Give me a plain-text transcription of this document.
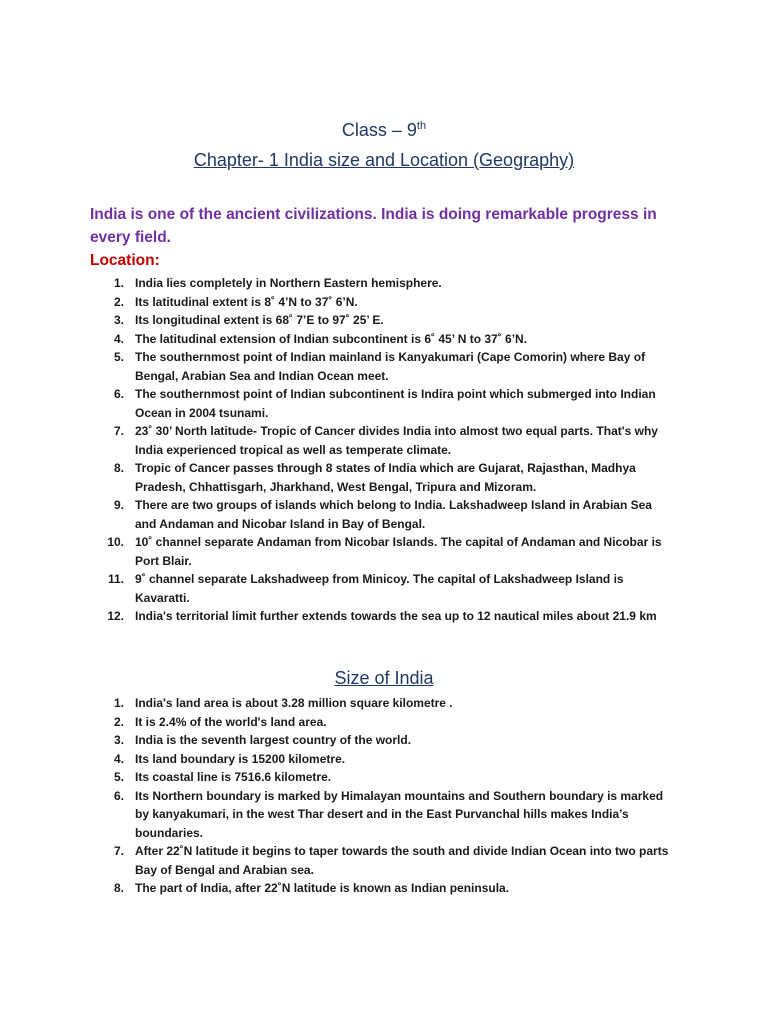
Class – 9th
Chapter- 1 India size and Location (Geography)
India is one of the ancient civilizations. India is doing remarkable progress in every field.
Location:
1. India lies completely in Northern Eastern hemisphere.
2. Its latitudinal extent is 8˚ 4’N to 37˚ 6’N.
3. Its longitudinal extent is 68˚ 7’E to 97˚ 25’ E.
4. The latitudinal extension of Indian subcontinent is 6˚ 45’ N to 37˚ 6’N.
5. The southernmost point of Indian mainland is Kanyakumari (Cape Comorin) where Bay of Bengal, Arabian Sea and Indian Ocean meet.
6. The southernmost point of Indian subcontinent is Indira point which submerged into Indian Ocean in 2004 tsunami.
7. 23˚ 30’ North latitude- Tropic of Cancer divides India into almost two equal parts. That's why India experienced tropical as well as temperate climate.
8. Tropic of Cancer passes through 8 states of India which are Gujarat, Rajasthan, Madhya Pradesh, Chhattisgarh, Jharkhand, West Bengal, Tripura and Mizoram.
9. There are two groups of islands which belong to India. Lakshadweep Island in Arabian Sea and Andaman and Nicobar Island in Bay of Bengal.
10. 10˚ channel separate Andaman from Nicobar Islands. The capital of Andaman and Nicobar is Port Blair.
11. 9˚ channel separate Lakshadweep from Minicoy. The capital of Lakshadweep Island is Kavaratti.
12. India's territorial limit further extends towards the sea up to 12 nautical miles about 21.9 km
Size of India
1. India's land area is about 3.28 million square kilometre .
2. It is 2.4% of the world's land area.
3. India is the seventh largest country of the world.
4. Its land boundary is 15200 kilometre.
5. Its coastal line is 7516.6 kilometre.
6. Its Northern boundary is marked by Himalayan mountains and Southern boundary is marked by kanyakumari, in the west Thar desert and in the East Purvanchal hills makes India’s boundaries.
7. After 22˚N latitude it begins to taper towards the south and divide Indian Ocean into two parts Bay of Bengal and Arabian sea.
8. The part of India, after 22˚N latitude is known as Indian peninsula.
